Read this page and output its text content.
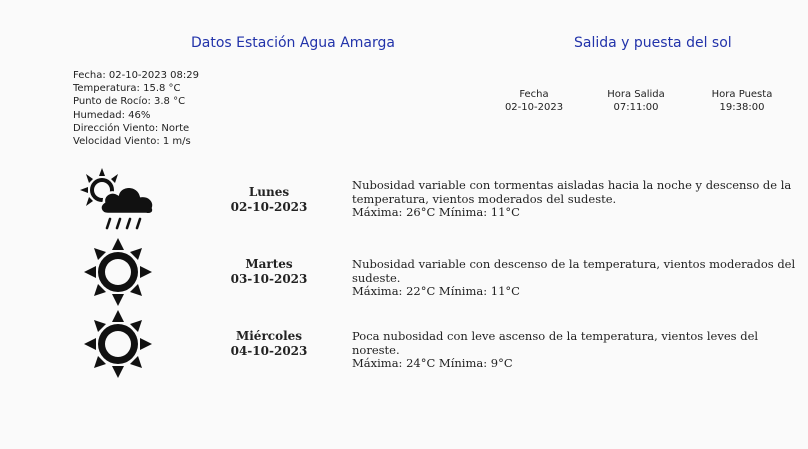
Datos Estación Agua Amarga	Salida y puesta del sol
Fecha: 02-10-2023 08:29
Temperatura: 15.8 °C
Punto de Rocío: 3.8 °C
Humedad: 46%
Dirección Viento: Norte
Velocidad Viento: 1 m/s
Fecha
02-10-2023
Hora Salida
07:11:00
Hora Puesta
19:38:00
Lunes
02-10-2023
Nubosidad variable con tormentas aisladas hacia la noche y descenso de la temperatura, vientos moderados del sudeste.
Máxima: 26°C Mínima: 11°C
Martes
03-10-2023
Nubosidad variable con descenso de la temperatura, vientos moderados del sudeste.
Máxima: 22°C Mínima: 11°C
Miércoles
04-10-2023
Poca nubosidad con leve ascenso de la temperatura, vientos leves del noreste.
Máxima: 24°C Mínima: 9°C
